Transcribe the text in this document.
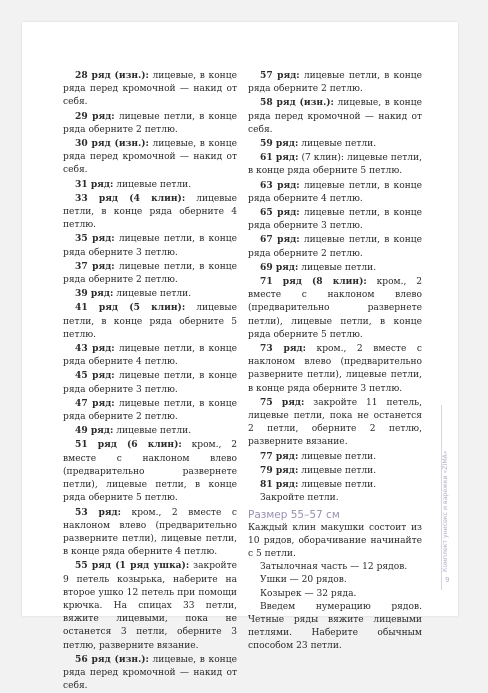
28 ряд (изн.): лицевые, в конце ряда перед кромочной — накид от себя.
29 ряд: лицевые петли, в конце ряда оберните 2 петлю.
30 ряд (изн.): лицевые, в конце ряда перед кромочной — накид от себя.
31 ряд: лицевые петли.
33 ряд (4 клин): лицевые петли, в конце ряда оберните 4 петлю.
35 ряд: лицевые петли, в конце ряда оберните 3 петлю.
37 ряд: лицевые петли, в конце ряда оберните 2 петлю.
39 ряд: лицевые петли.
41 ряд (5 клин): лицевые петли, в конце ряда оберните 5 петлю.
43 ряд: лицевые петли, в конце ряда оберните 4 петлю.
45 ряд: лицевые петли, в конце ряда оберните 3 петлю.
47 ряд: лицевые петли, в конце ряда оберните 2 петлю.
49 ряд: лицевые петли.
51 ряд (6 клин): кром., 2 вместе с наклоном влево (предварительно развернете петли), лицевые петли, в конце ряда оберните 5 петлю.
53 ряд: кром., 2 вместе с наклоном влево (предварительно разверните петли), лицевые петли, в конце ряда оберните 4 петлю.
55 ряд (1 ряд ушка): закройте 9 петель козырька, наберите на второе ушко 12 петель при помощи крючка. На спицах 33 петли, вяжите лицевыми, пока не останется 3 петли, оберните 3 петлю, разверните вязание.
56 ряд (изн.): лицевые, в конце ряда перед кромочной — накид от себя.
57 ряд: лицевые петли, в конце ряда оберните 2 петлю.
58 ряд (изн.): лицевые, в конце ряда перед кромочной — накид от себя.
59 ряд: лицевые петли.
61 ряд: (7 клин): лицевые петли, в конце ряда оберните 5 петлю.
63 ряд: лицевые петли, в конце ряда оберните 4 петлю.
65 ряд: лицевые петли, в конце ряда оберните 3 петлю.
67 ряд: лицевые петли, в конце ряда оберните 2 петлю.
69 ряд: лицевые петли.
71 ряд (8 клин): кром., 2 вместе с наклоном влево (предварительно развернете петли), лицевые петли, в конце ряда оберните 5 петлю.
73 ряд: кром., 2 вместе с наклоном влево (предварительно разверните петли), лицевые петли, в конце ряда оберните 3 петлю.
75 ряд: закройте 11 петель, лицевые петли, пока не останется 2 петли, оберните 2 петлю, разверните вязание.
77 ряд: лицевые петли.
79 ряд: лицевые петли.
81 ряд: лицевые петли.
Закройте петли.
Размер 55–57 см
Каждый клин макушки состоит из 10 рядов, оборачивание начинайте с 5 петли.
Затылочная часть — 12 рядов.
Ушки — 20 рядов.
Козырек — 32 ряда.
Введем нумерацию рядов. Четные ряды вяжите лицевыми петлями. Наберите обычным способом 23 петли.
Комплект унисекс и варежки «ZIMA»
9
